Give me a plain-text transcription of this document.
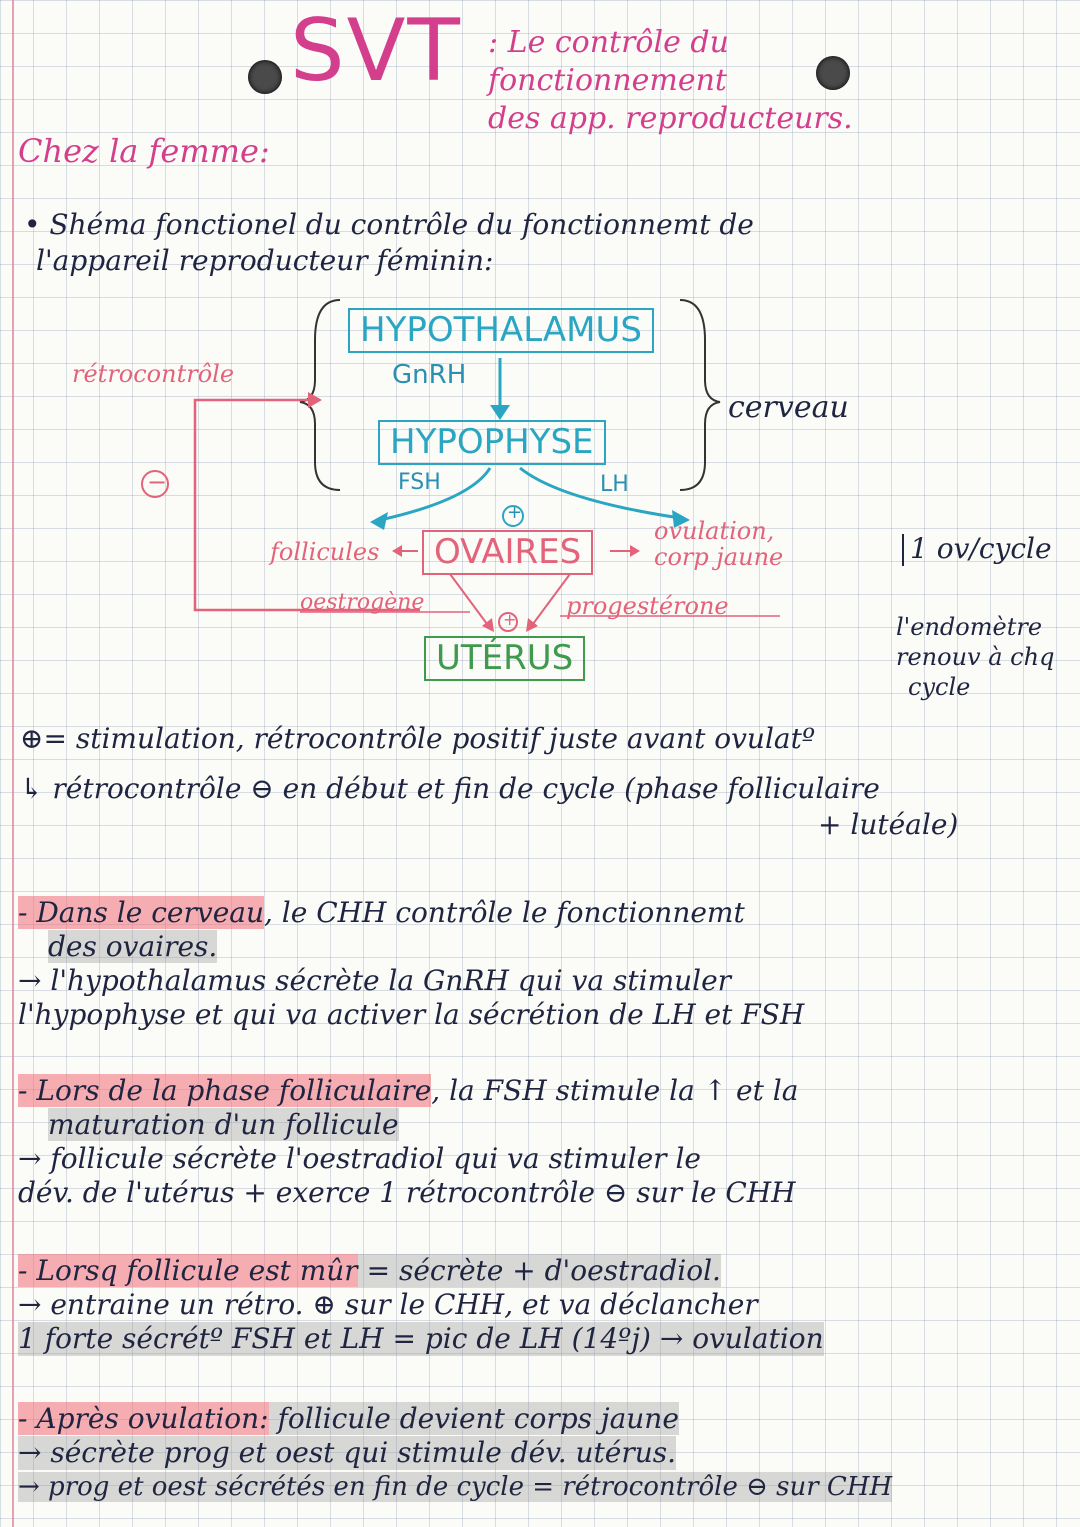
SVT : Le contrôle du
fonctionnement
des app. reproducteurs.
Chez la femme:
• Shéma fonctionel du contrôle du fonctionnemt de
l'appareil reproducteur féminin:
HYPOTHALAMUS
GnRH
HYPOPHYSE
FSH	LH
OVAIRES
UTÉRUS
follicules
ovulation,
corp jaune
oestrogène	progestérone
rétrocontrôle
cerveau
−
+
+
1 ov/cycle
l'endomètre
renouv à chq
cycle
⊕= stimulation, rétrocontrôle positif juste avant ovulatº
↳ rétrocontrôle ⊖ en début et fin de cycle (phase folliculaire
+ lutéale)
- Dans le cerveau, le CHH contrôle le fonctionnemt
des ovaires.
→ l'hypothalamus sécrète la GnRH qui va stimuler
l'hypophyse et qui va activer la sécrétion de LH et FSH
- Lors de la phase folliculaire, la FSH stimule la ↑ et la
maturation d'un follicule
→ follicule sécrète l'oestradiol qui va stimuler le
dév. de l'utérus + exerce 1 rétrocontrôle ⊖ sur le CHH
- Lorsq follicule est mûr = sécrète + d'oestradiol.
→ entraine un rétro. ⊕ sur le CHH, et va déclancher
1 forte sécrétº FSH et LH = pic de LH (14ºj) → ovulation
- Après ovulation: follicule devient corps jaune
→ sécrète prog et oest qui stimule dév. utérus.
→ prog et oest sécrétés en fin de cycle = rétrocontrôle ⊖ sur CHH
